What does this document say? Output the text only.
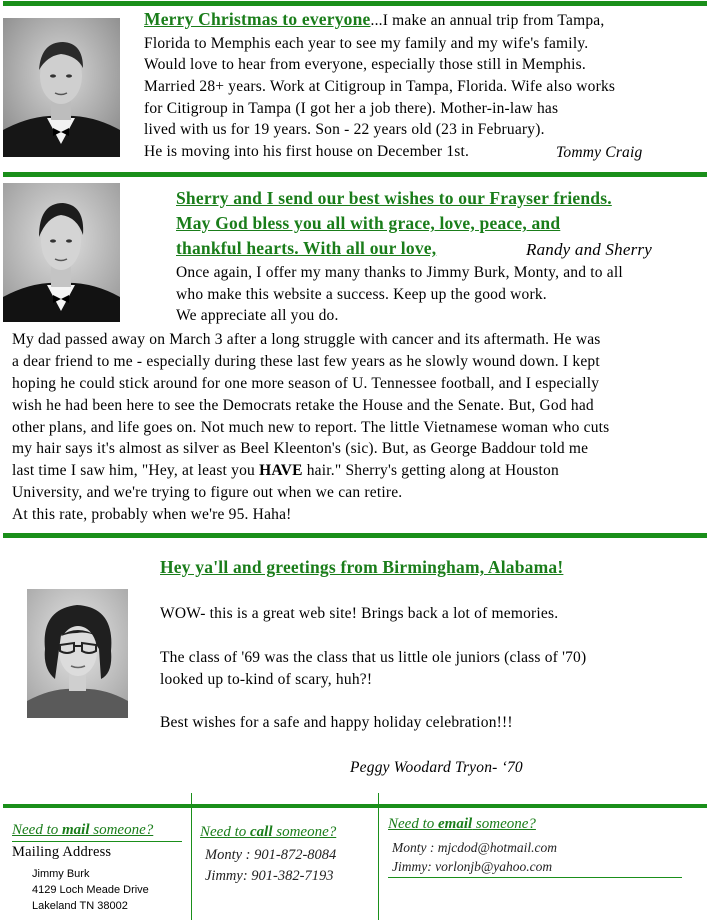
Merry Christmas to everyone...I make an annual trip from Tampa,
Florida to Memphis each year to see my family and my wife's family.
Would love to hear from everyone, especially those still in Memphis.
Married 28+ years. Work at Citigroup in Tampa, Florida. Wife also works
for Citigroup in Tampa (I got her a job there). Mother-in-law has
lived with us for 19 years. Son - 22 years old (23 in February).
He is moving into his first house on December 1st.	Tommy Craig
Sherry and I send our best wishes to our Frayser friends.
May God bless you all with grace, love, peace, and
thankful hearts. With all our love,	Randy and Sherry
Once again, I offer my many thanks to Jimmy Burk, Monty, and to all
who make this website a success. Keep up the good work.
We appreciate all you do.
My dad passed away on March 3 after a long struggle with cancer and its aftermath. He was
a dear friend to me - especially during these last few years as he slowly wound down. I kept
hoping he could stick around for one more season of U. Tennessee football, and I especially
wish he had been here to see the Democrats retake the House and the Senate. But, God had
other plans, and life goes on. Not much new to report. The little Vietnamese woman who cuts
my hair says it's almost as silver as Beel Kleenton's (sic). But, as George Baddour told me
last time I saw him, "Hey, at least you HAVE hair." Sherry's getting along at Houston
University, and we're trying to figure out when we can retire.
At this rate, probably when we're 95. Haha!
Hey ya'll and greetings from Birmingham, Alabama!
WOW- this is a great web site! Brings back a lot of memories.
The class of '69 was the class that us little ole juniors (class of '70)
looked up to-kind of scary, huh?!
Best wishes for a safe and happy holiday celebration!!!
Peggy Woodard Tryon- ‘70
Need to mail someone?
Mailing Address
Jimmy Burk
4129 Loch Meade Drive
Lakeland TN 38002
Need to call someone?
Monty : 901-872-8084
Jimmy: 901-382-7193
Need to email someone?
Monty : mjcdod@hotmail.com
Jimmy: vorlonjb@yahoo.com
